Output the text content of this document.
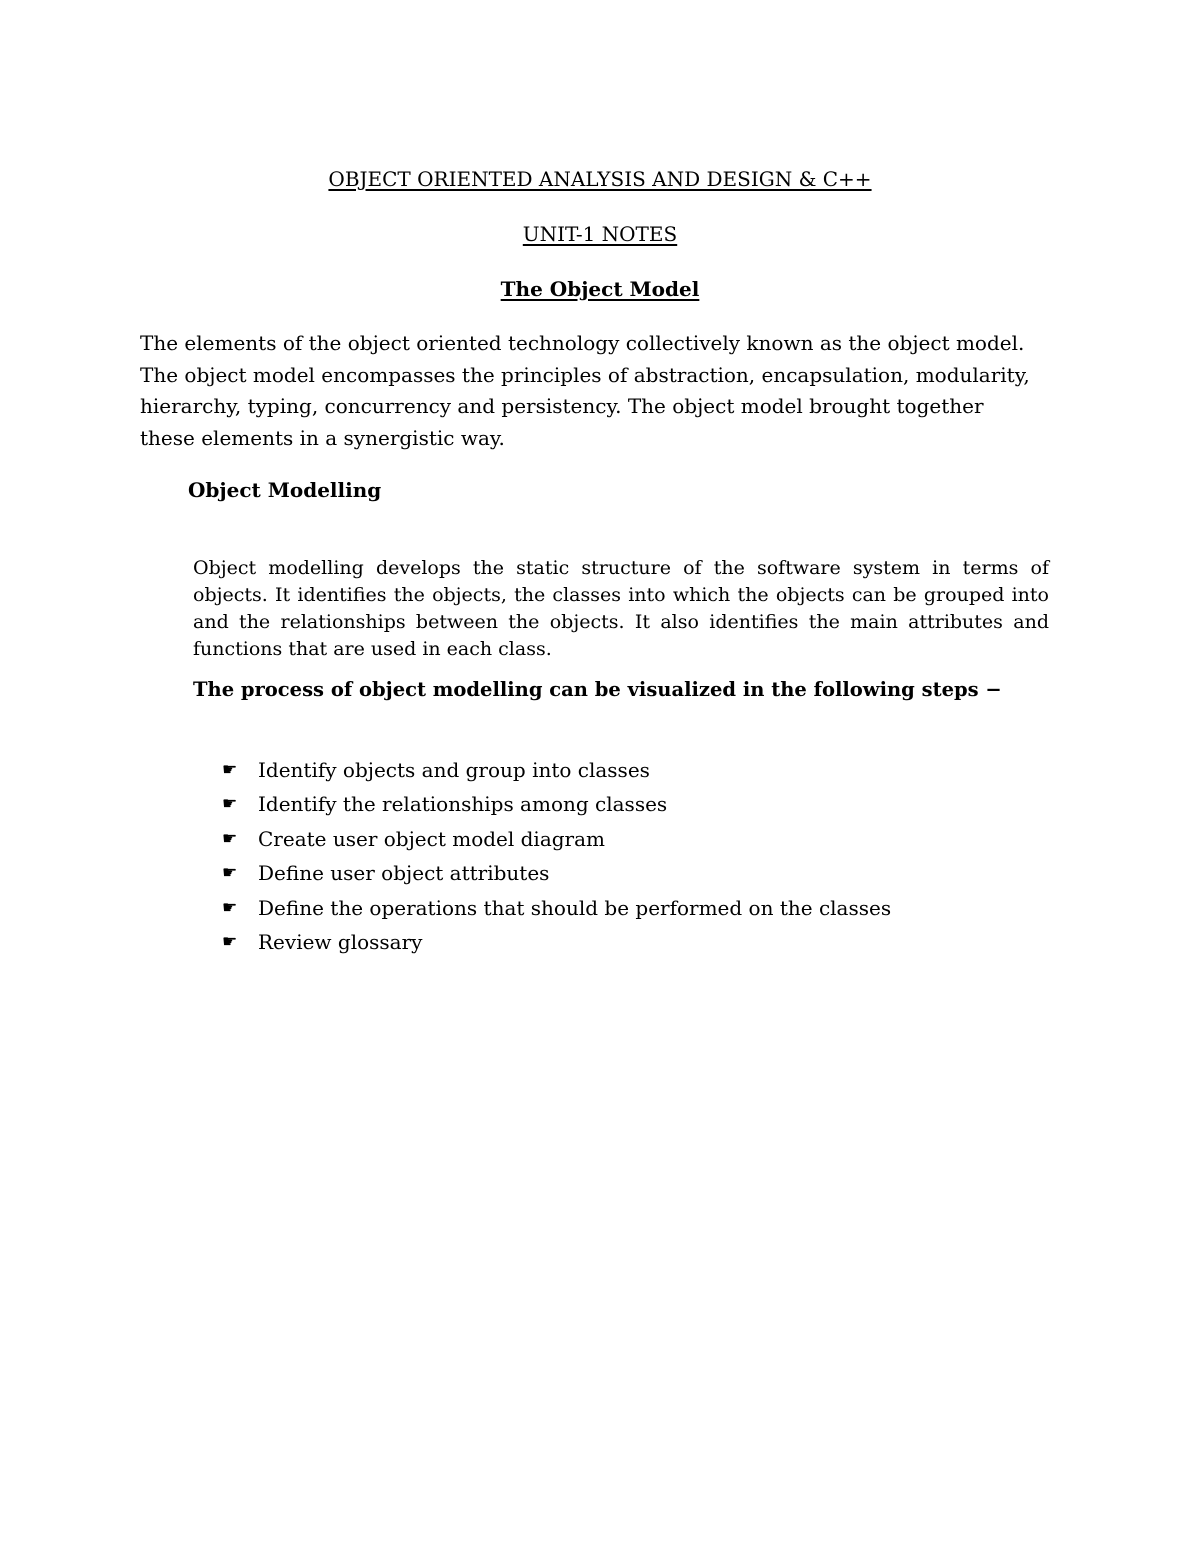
OBJECT ORIENTED ANALYSIS AND DESIGN & C++
UNIT-1 NOTES
The Object Model

The elements of the object oriented technology collectively known as the object model. The object model encompasses the principles of abstraction, encapsulation, modularity, hierarchy, typing, concurrency and persistency. The object model brought together these elements in a synergistic way.

Object Modelling

Object modelling develops the static structure of the software system in terms of objects. It identifies the objects, the classes into which the objects can be grouped into and the relationships between the objects. It also identifies the main attributes and functions that are used in each class.

The process of object modelling can be visualized in the following steps −

☛	Identify objects and group into classes
☛	Identify the relationships among classes
☛	Create user object model diagram
☛	Define user object attributes
☛	Define the operations that should be performed on the classes
☛	Review glossary
